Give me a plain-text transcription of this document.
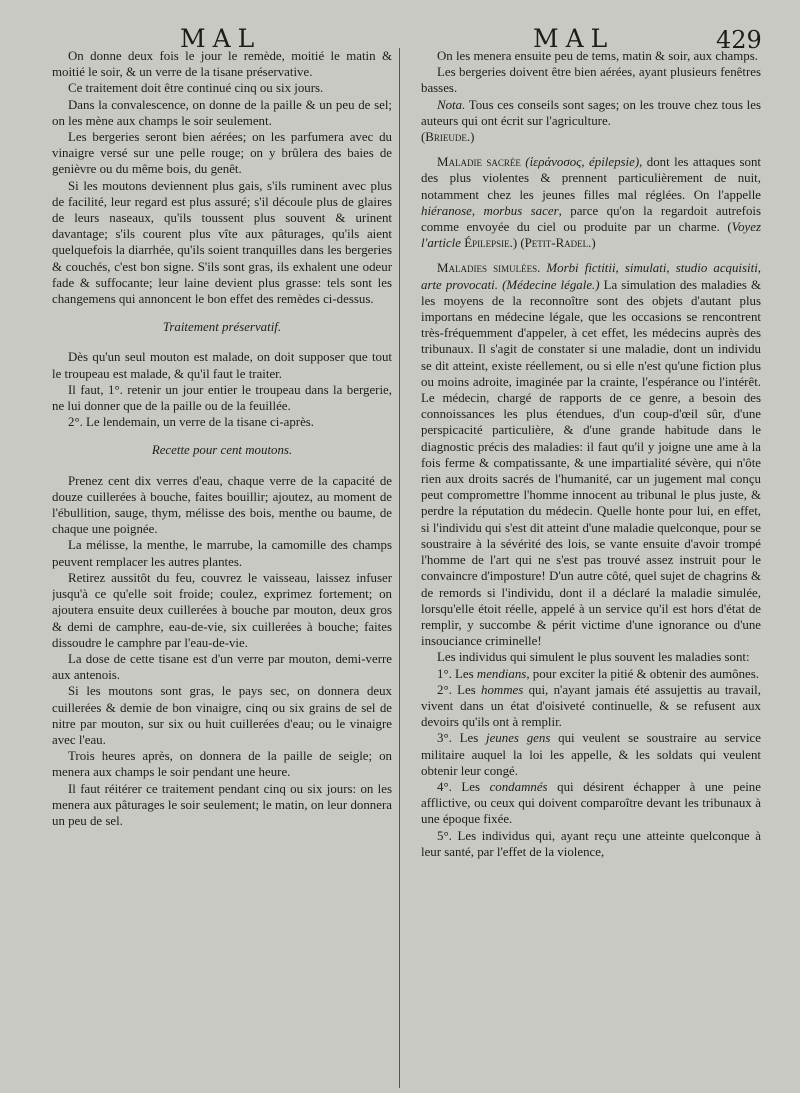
MAL	MAL	429

On donne deux fois le jour le remède, moitié le matin & moitié le soir, & un verre de la tisane préservative.

Ce traitement doit être continué cinq ou six jours.

Dans la convalescence, on donne de la paille & un peu de sel; on les mène aux champs le soir seulement.

Les bergeries seront bien aérées; on les parfumera avec du vinaigre versé sur une pelle rouge; on y brûlera des baies de genièvre ou du même bois, du genêt.

Si les moutons deviennent plus gais, s'ils ruminent avec plus de facilité, leur regard est plus assuré; s'il découle plus de glaires de leurs naseaux, qu'ils toussent plus souvent & urinent davantage; s'ils courent plus vîte aux pâturages, qu'ils aient quelquefois la diarrhée, qu'ils soient tranquilles dans les bergeries & couchés, c'est bon signe. S'ils sont gras, ils exhalent une odeur fade & suffocante; leur laine devient plus grasse: tels sont les changemens qui annoncent le bon effet des remèdes ci-dessus.

Traitement préservatif.

Dès qu'un seul mouton est malade, on doit supposer que tout le troupeau est malade, & qu'il faut le traiter.

Il faut, 1°. retenir un jour entier le troupeau dans la bergerie, ne lui donner que de la paille ou de la feuillée.

2°. Le lendemain, un verre de la tisane ci-après.

Recette pour cent moutons.

Prenez cent dix verres d'eau, chaque verre de la capacité de douze cuillerées à bouche, faites bouillir; ajoutez, au moment de l'ébullition, sauge, thym, mélisse des bois, menthe ou baume, de chaque une poignée.

La mélisse, la menthe, le marrube, la camomille des champs peuvent remplacer les autres plantes.

Retirez aussitôt du feu, couvrez le vaisseau, laissez infuser jusqu'à ce qu'elle soit froide; coulez, exprimez fortement; on ajoutera ensuite deux cuillerées à bouche par mouton, deux gros & demi de camphre, eau-de-vie, six cuillerées à bouche; faites dissoudre le camphre par l'eau-de-vie.

La dose de cette tisane est d'un verre par mouton, demi-verre aux antenois.

Si les moutons sont gras, le pays sec, on donnera deux cuillerées & demie de bon vinaigre, cinq ou six grains de sel de nitre par mouton, sur six ou huit cuillerées d'eau; ou le vinaigre avec l'eau.

Trois heures après, on donnera de la paille de seigle; on menera aux champs le soir pendant une heure.

Il faut réitérer ce traitement pendant cinq ou six jours: on les menera aux pâturages le soir seulement; le matin, on leur donnera un peu de sel.

On les menera ensuite peu de tems, matin & soir, aux champs.

Les bergeries doivent être bien aérées, ayant plusieurs fenêtres basses.

Nota. Tous ces conseils sont sages; on les trouve chez tous les auteurs qui ont écrit sur l'agriculture.
(Brieude.)

Maladie sacrée (ἱεράνοσος, épilepsie), dont les attaques sont des plus violentes & prennent particulièrement de nuit, notamment chez les jeunes filles mal réglées. On l'appelle hiéranose, morbus sacer, parce qu'on la regardoit autrefois comme envoyée du ciel ou produite par un charme. (Voyez l'article Épilepsie.) (Petit-Radel.)

Maladies simulées. Morbi fictitii, simulati, studio acquisiti, arte provocati. (Médecine légale.) La simulation des maladies & les moyens de la reconnoître sont des objets d'autant plus importans en médecine légale, que les occasions se rencontrent très-fréquemment d'appeler, à cet effet, les médecins auprès des tribunaux. Il s'agit de constater si une maladie, dont un individu se dit atteint, existe réellement, ou si elle n'est qu'une fiction plus ou moins adroite, imaginée par la crainte, l'espérance ou l'intérêt. Le médecin, chargé de rapports de ce genre, a besoin des connoissances les plus étendues, d'un coup-d'œil sûr, d'une perspicacité particulière, & d'une grande habitude dans le diagnostic précis des maladies: il faut qu'il y joigne une ame à la fois ferme & compatissante, & une impartialité sévère, qui n'ôte rien aux droits sacrés de l'humanité, car un jugement mal conçu peut compromettre l'homme innocent au tribunal le plus juste, & perdre la réputation du médecin. Quelle honte pour lui, en effet, si l'individu qui s'est dit atteint d'une maladie quelconque, pour se soustraire à la sévérité des lois, se vante ensuite d'avoir trompé l'homme de l'art qui ne s'est pas trouvé assez instruit pour le convaincre d'imposture! D'un autre côté, quel sujet de chagrins & de remords si l'individu, dont il a déclaré la maladie simulée, lorsqu'elle étoit réelle, appelé à un service qu'il est hors d'état de remplir, y succombe & périt victime d'une ignorance ou d'une insouciance criminelle!

Les individus qui simulent le plus souvent les maladies sont:

1°. Les mendians, pour exciter la pitié & obtenir des aumônes.

2°. Les hommes qui, n'ayant jamais été assujettis au travail, vivent dans un état d'oisiveté continuelle, & se refusent aux devoirs qu'ils ont à remplir.

3°. Les jeunes gens qui veulent se soustraire au service militaire auquel la loi les appelle, & les soldats qui veulent obtenir leur congé.

4°. Les condamnés qui désirent échapper à une peine afflictive, ou ceux qui doivent comparoître devant les tribunaux à une époque fixée.

5°. Les individus qui, ayant reçu une atteinte quelconque à leur santé, par l'effet de la violence,
